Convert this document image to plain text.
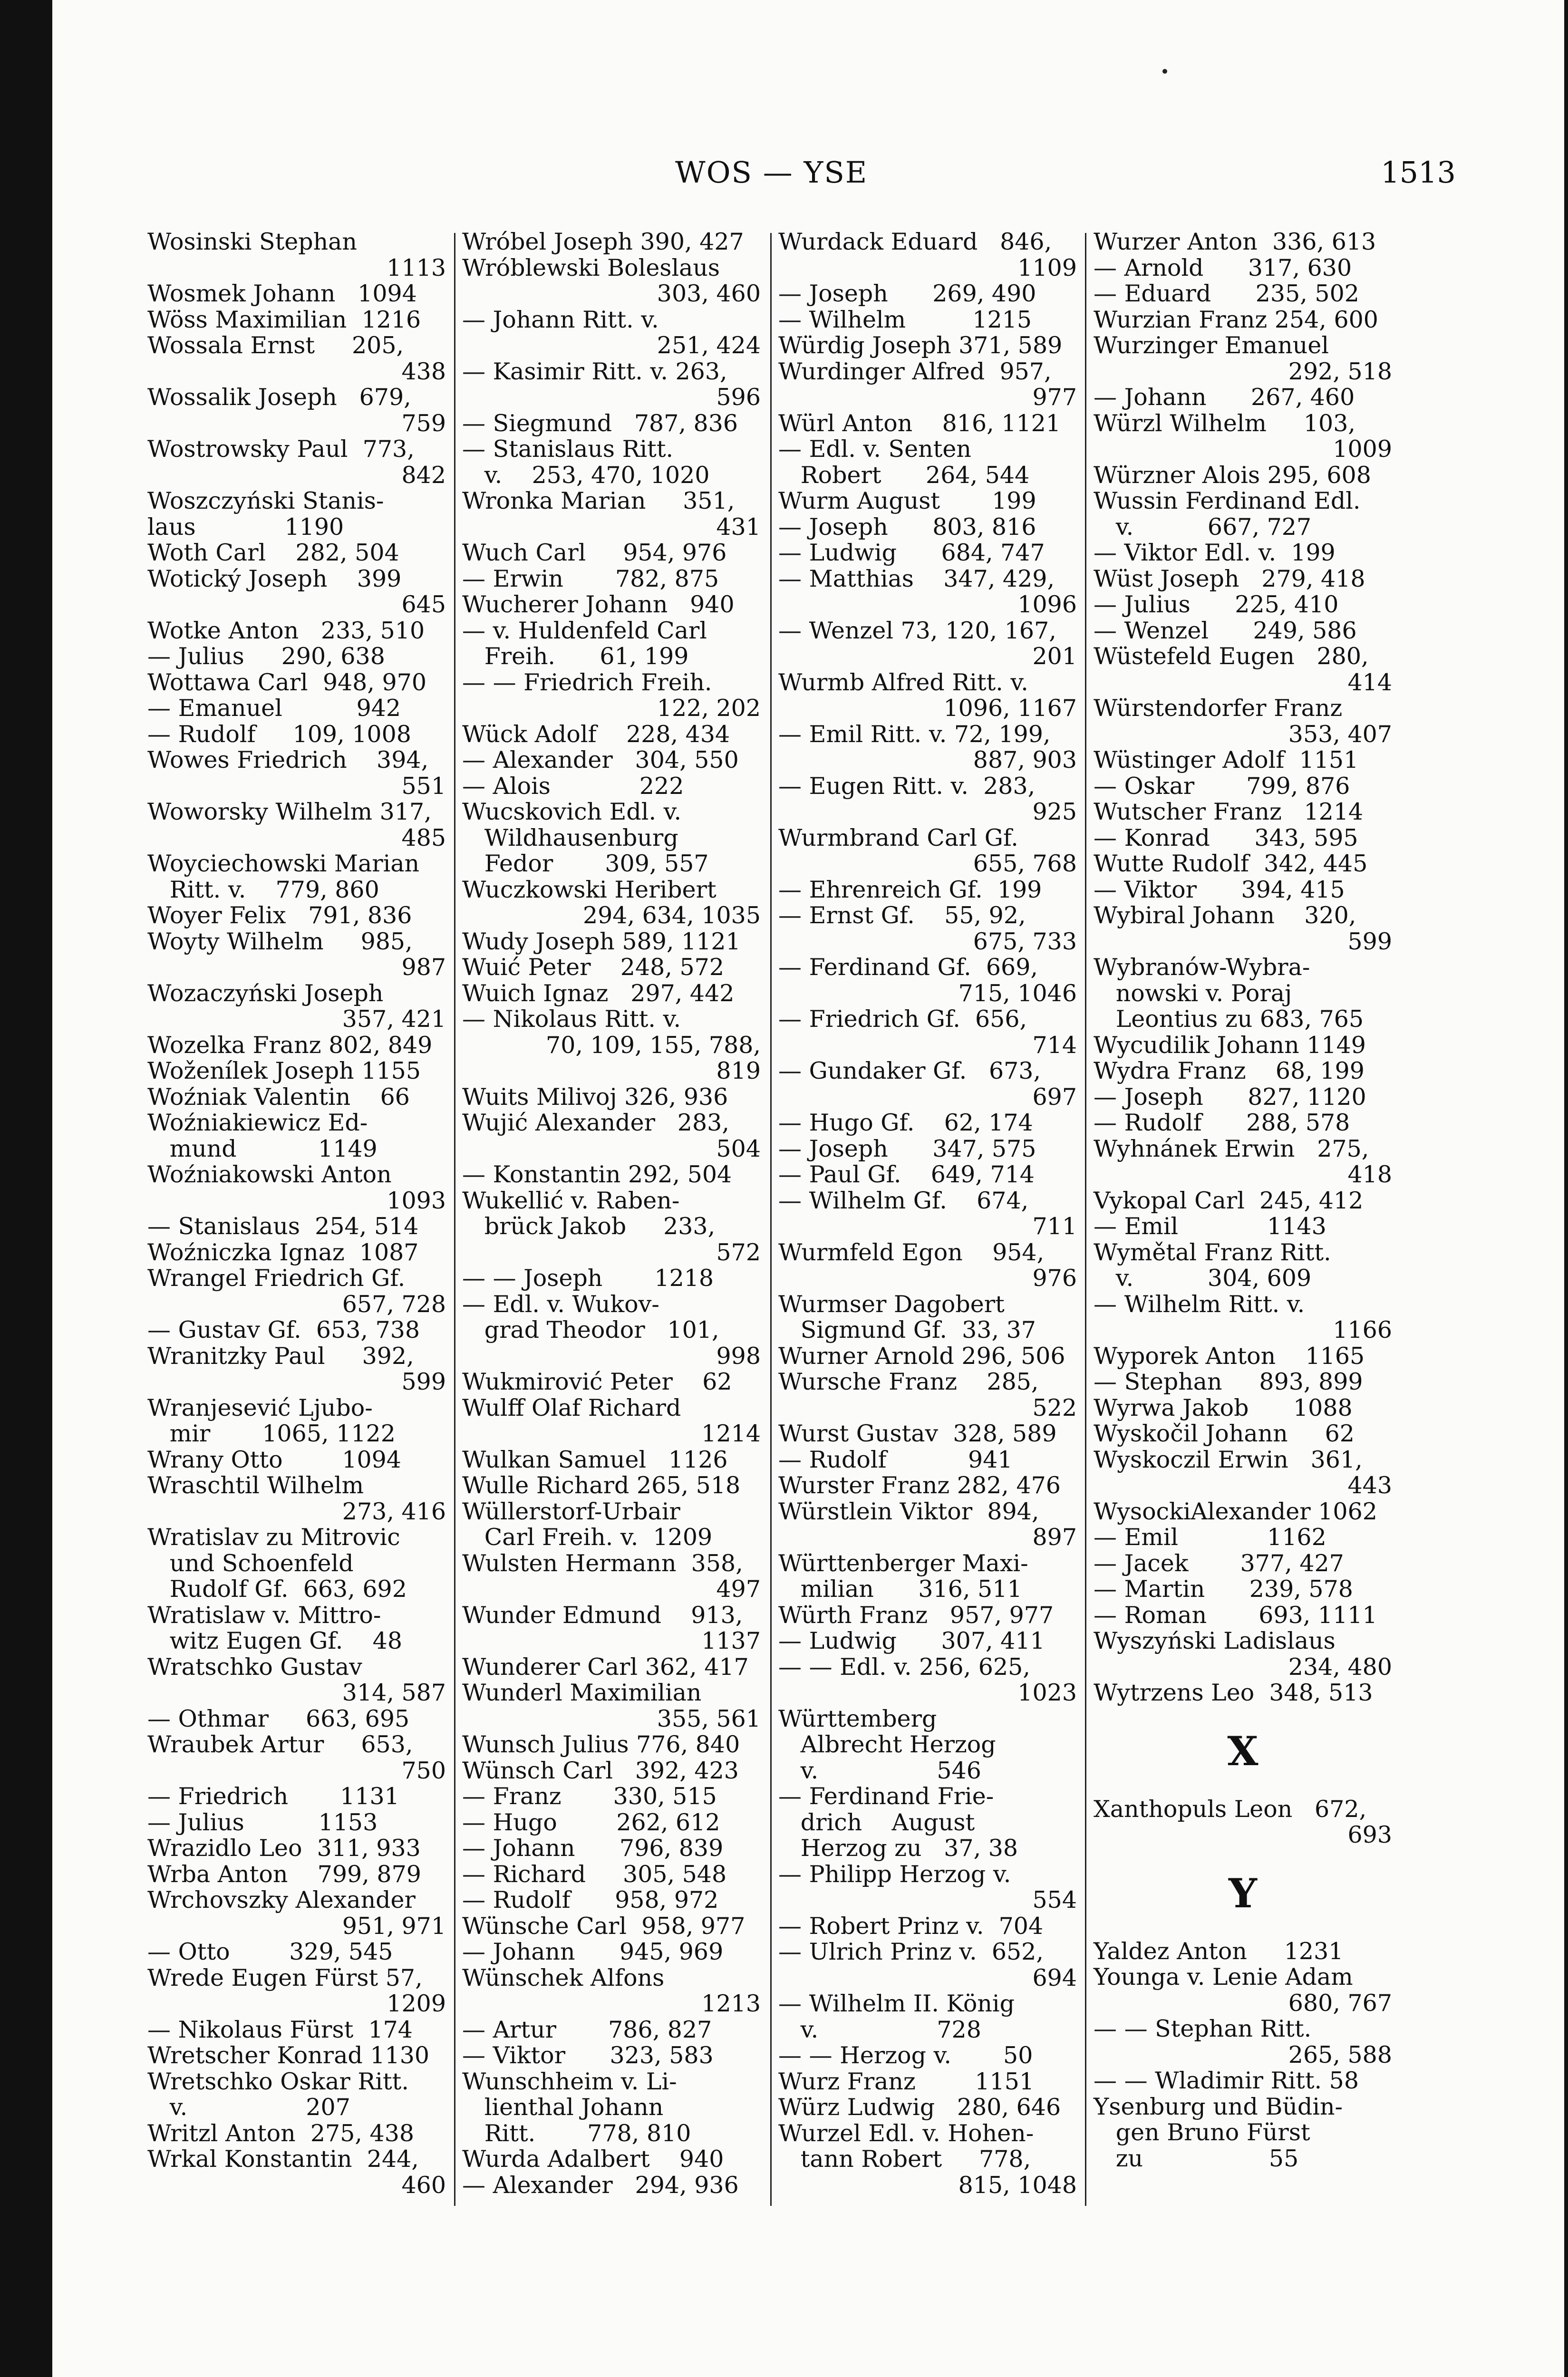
WOS — YSE	1513
Wosinski Stephan
1113
Wosmek Johann   1094
Wöss Maximilian  1216
Wossala Ernst     205,
438
Wossalik Joseph   679,
759
Wostrowsky Paul  773,
842
Woszczyński Stanis-
laus            1190
Woth Carl    282, 504
Wotický Joseph    399
645
Wotke Anton   233, 510
— Julius     290, 638
Wottawa Carl  948, 970
— Emanuel          942
— Rudolf     109, 1008
Wowes Friedrich    394,
551
Woworsky Wilhelm 317,
485
Woyciechowski Marian
Ritt. v.    779, 860
Woyer Felix   791, 836
Woyty Wilhelm     985,
987
Wozaczyński Joseph
357, 421
Wozelka Franz 802, 849
Woženílek Joseph 1155
Woźniak Valentin    66
Woźniakiewicz Ed-
mund           1149
Woźniakowski Anton
1093
— Stanislaus  254, 514
Woźniczka Ignaz  1087
Wrangel Friedrich Gf.
657, 728
— Gustav Gf.  653, 738
Wranitzky Paul     392,
599
Wranjesević Ljubo-
mir       1065, 1122
Wrany Otto        1094
Wraschtil Wilhelm
273, 416
Wratislav zu Mitrovic
und Schoenfeld
Rudolf Gf.  663, 692
Wratislaw v. Mittro-
witz Eugen Gf.    48
Wratschko Gustav
314, 587
— Othmar     663, 695
Wraubek Artur     653,
750
— Friedrich       1131
— Julius          1153
Wrazidlo Leo  311, 933
Wrba Anton    799, 879
Wrchovszky Alexander
951, 971
— Otto        329, 545
Wrede Eugen Fürst 57,
1209
— Nikolaus Fürst  174
Wretscher Konrad 1130
Wretschko Oskar Ritt.
v.                207
Writzl Anton  275, 438
Wrkal Konstantin  244,
460
Wróbel Joseph 390, 427
Wróblewski Boleslaus
303, 460
— Johann Ritt. v.
251, 424
— Kasimir Ritt. v. 263,
596
— Siegmund   787, 836
— Stanislaus Ritt.
v.    253, 470, 1020
Wronka Marian     351,
431
Wuch Carl     954, 976
— Erwin       782, 875
Wucherer Johann   940
— v. Huldenfeld Carl
Freih.      61, 199
— — Friedrich Freih.
122, 202
Wück Adolf    228, 434
— Alexander   304, 550
— Alois            222
Wucskovich Edl. v.
Wildhausenburg
Fedor       309, 557
Wuczkowski Heribert
294, 634, 1035
Wudy Joseph 589, 1121
Wuić Peter    248, 572
Wuich Ignaz   297, 442
— Nikolaus Ritt. v.
70, 109, 155, 788,
819
Wuits Milivoj 326, 936
Wujić Alexander   283,
504
— Konstantin 292, 504
Wukellić v. Raben-
brück Jakob     233,
572
— — Joseph       1218
— Edl. v. Wukov-
grad Theodor   101,
998
Wukmirović Peter    62
Wulff Olaf Richard
1214
Wulkan Samuel   1126
Wulle Richard 265, 518
Wüllerstorf-Urbair
Carl Freih. v.  1209
Wulsten Hermann  358,
497
Wunder Edmund    913,
1137
Wunderer Carl 362, 417
Wunderl Maximilian
355, 561
Wunsch Julius 776, 840
Wünsch Carl   392, 423
— Franz       330, 515
— Hugo        262, 612
— Johann      796, 839
— Richard     305, 548
— Rudolf      958, 972
Wünsche Carl  958, 977
— Johann      945, 969
Wünschek Alfons
1213
— Artur       786, 827
— Viktor      323, 583
Wunschheim v. Li-
lienthal Johann
Ritt.       778, 810
Wurda Adalbert    940
— Alexander   294, 936
Wurdack Eduard   846,
1109
— Joseph      269, 490
— Wilhelm         1215
Würdig Joseph 371, 589
Wurdinger Alfred  957,
977
Würl Anton    816, 1121
— Edl. v. Senten
Robert      264, 544
Wurm August       199
— Joseph      803, 816
— Ludwig      684, 747
— Matthias    347, 429,
1096
— Wenzel 73, 120, 167,
201
Wurmb Alfred Ritt. v.
1096, 1167
— Emil Ritt. v. 72, 199,
887, 903
— Eugen Ritt. v.  283,
925
Wurmbrand Carl Gf.
655, 768
— Ehrenreich Gf.  199
— Ernst Gf.    55, 92,
675, 733
— Ferdinand Gf.  669,
715, 1046
— Friedrich Gf.  656,
714
— Gundaker Gf.   673,
697
— Hugo Gf.    62, 174
— Joseph      347, 575
— Paul Gf.    649, 714
— Wilhelm Gf.    674,
711
Wurmfeld Egon    954,
976
Wurmser Dagobert
Sigmund Gf.  33, 37
Wurner Arnold 296, 506
Wursche Franz    285,
522
Wurst Gustav  328, 589
— Rudolf           941
Wurster Franz 282, 476
Würstlein Viktor  894,
897
Württenberger Maxi-
milian      316, 511
Würth Franz   957, 977
— Ludwig      307, 411
— — Edl. v. 256, 625,
1023
Württemberg
Albrecht Herzog
v.                546
— Ferdinand Frie-
drich    August
Herzog zu   37, 38
— Philipp Herzog v.
554
— Robert Prinz v.  704
— Ulrich Prinz v.  652,
694
— Wilhelm II. König
v.                728
— — Herzog v.       50
Wurz Franz        1151
Würz Ludwig   280, 646
Wurzel Edl. v. Hohen-
tann Robert     778,
815, 1048
Wurzer Anton  336, 613
— Arnold      317, 630
— Eduard      235, 502
Wurzian Franz 254, 600
Wurzinger Emanuel
292, 518
— Johann      267, 460
Würzl Wilhelm     103,
1009
Würzner Alois 295, 608
Wussin Ferdinand Edl.
v.          667, 727
— Viktor Edl. v.  199
Wüst Joseph   279, 418
— Julius      225, 410
— Wenzel      249, 586
Wüstefeld Eugen   280,
414
Würstendorfer Franz
353, 407
Wüstinger Adolf  1151
— Oskar       799, 876
Wutscher Franz   1214
— Konrad      343, 595
Wutte Rudolf  342, 445
— Viktor      394, 415
Wybiral Johann    320,
599
Wybranów-Wybra-
nowski v. Poraj
Leontius zu 683, 765
Wycudilik Johann 1149
Wydra Franz    68, 199
— Joseph      827, 1120
— Rudolf      288, 578
Wyhnánek Erwin   275,
418
Vykopal Carl  245, 412
— Emil            1143
Wymětal Franz Ritt.
v.          304, 609
— Wilhelm Ritt. v.
1166
Wyporek Anton    1165
— Stephan     893, 899
Wyrwa Jakob      1088
Wyskočil Johann     62
Wyskoczil Erwin   361,
443
WysockiAlexander 1062
— Emil            1162
— Jacek       377, 427
— Martin      239, 578
— Roman       693, 1111
Wyszyński Ladislaus
234, 480
Wytrzens Leo  348, 513
X
Xanthopuls Leon   672,
693
Y
Yaldez Anton     1231
Younga v. Lenie Adam
680, 767
— — Stephan Ritt.
265, 588
— — Wladimir Ritt. 58
Ysenburg und Büdin-
gen Bruno Fürst
zu                 55
